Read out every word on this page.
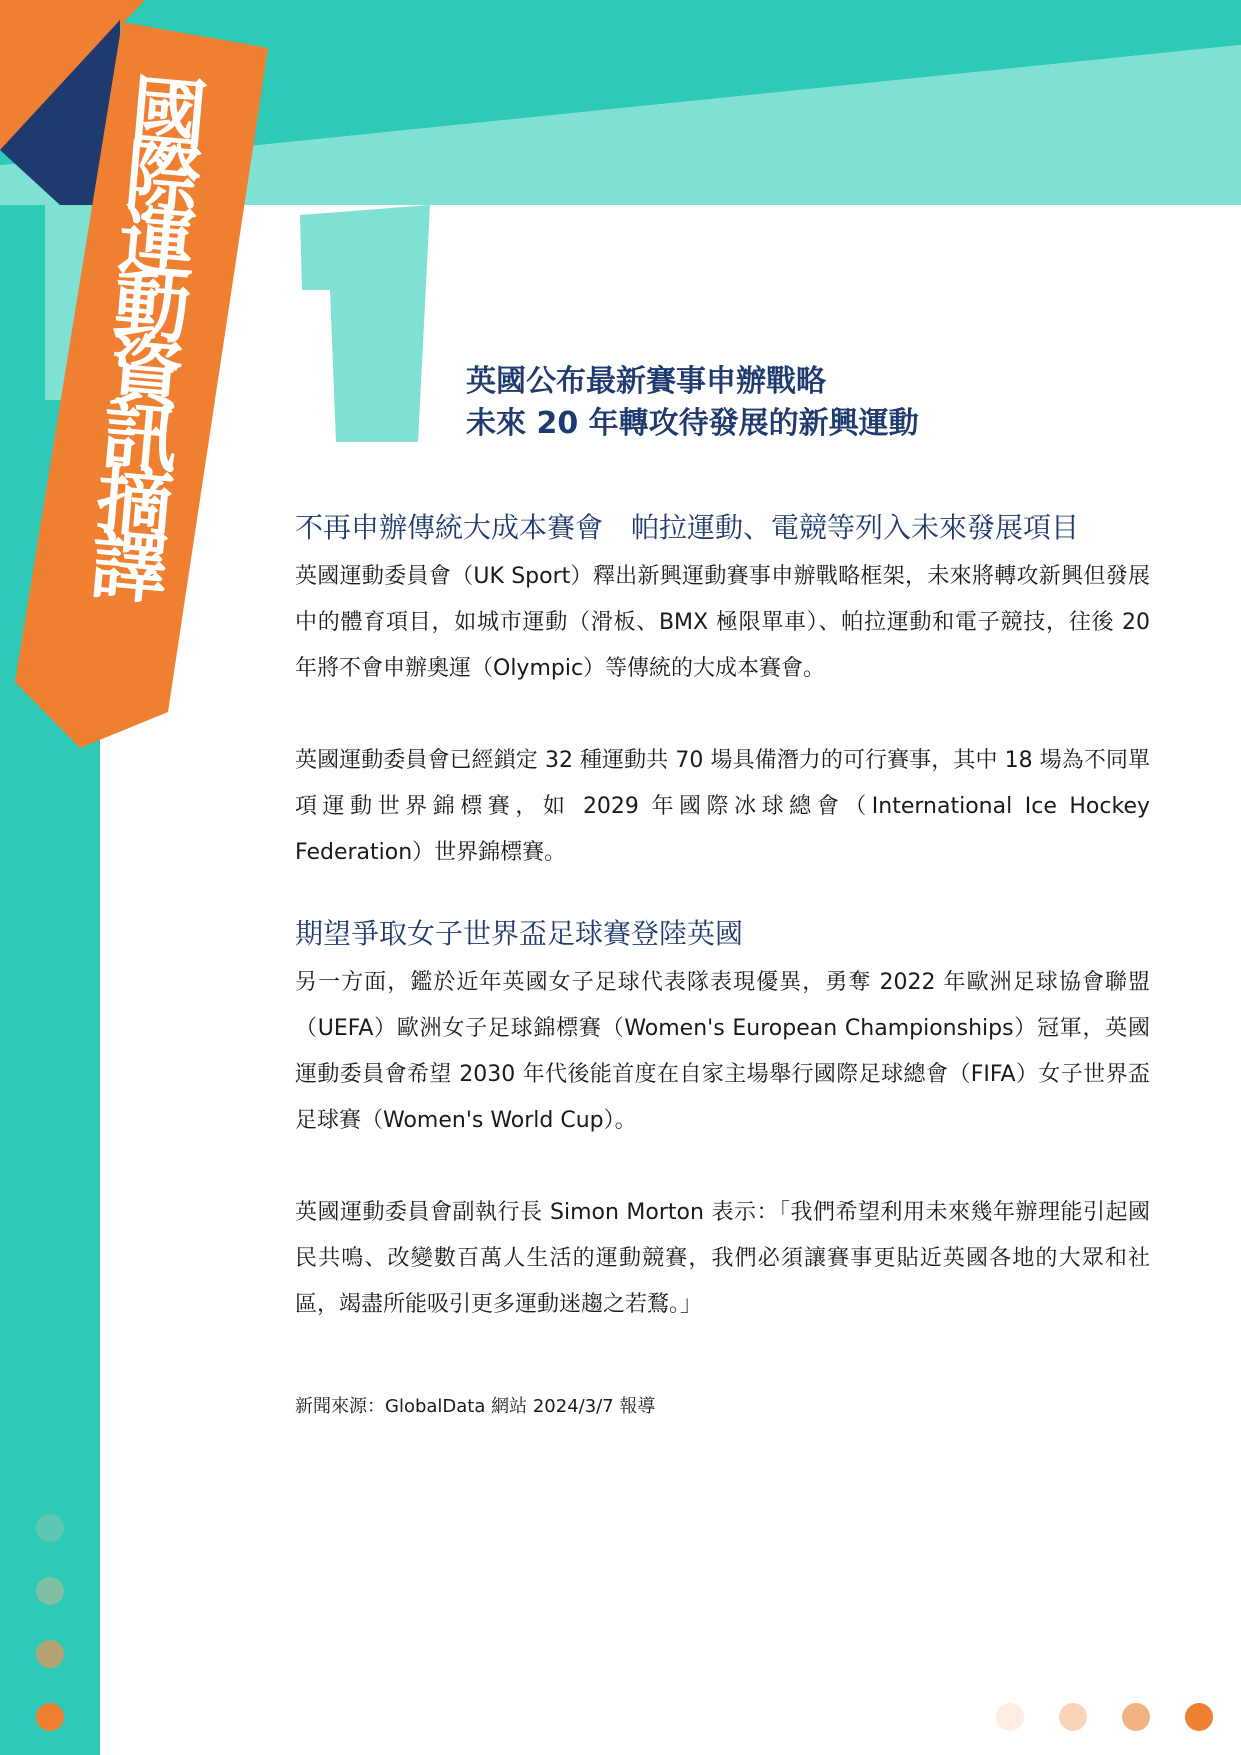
國
際
運
動
資
訊
摘
譯
英國公布最新賽事申辦戰略
未來 20 年轉攻待發展的新興運動
不再申辦傳統大成本賽會　帕拉運動、電競等列入未來發展項目

英國運動委員會（UK Sport）釋出新興運動賽事申辦戰略框架，未來將轉攻新興但發展中的體育項目，如城市運動（滑板、BMX 極限單車）、帕拉運動和電子競技，往後 20 年將不會申辦奧運（Olympic）等傳統的大成本賽會。

英國運動委員會已經鎖定 32 種運動共 70 場具備潛力的可行賽事，其中 18 場為不同單項運動世界錦標賽，如 2029 年國際冰球總會（International Ice Hockey Federation）世界錦標賽。

期望爭取女子世界盃足球賽登陸英國

另一方面，鑑於近年英國女子足球代表隊表現優異，勇奪 2022 年歐洲足球協會聯盟（UEFA）歐洲女子足球錦標賽（Women's European Championships）冠軍，英國運動委員會希望 2030 年代後能首度在自家主場舉行國際足球總會（FIFA）女子世界盃足球賽（Women's World Cup）。

英國運動委員會副執行長 Simon Morton 表示：「我們希望利用未來幾年辦理能引起國民共鳴、改變數百萬人生活的運動競賽，我們必須讓賽事更貼近英國各地的大眾和社區，竭盡所能吸引更多運動迷趨之若鶩。」

新聞來源：GlobalData 網站 2024/3/7 報導
